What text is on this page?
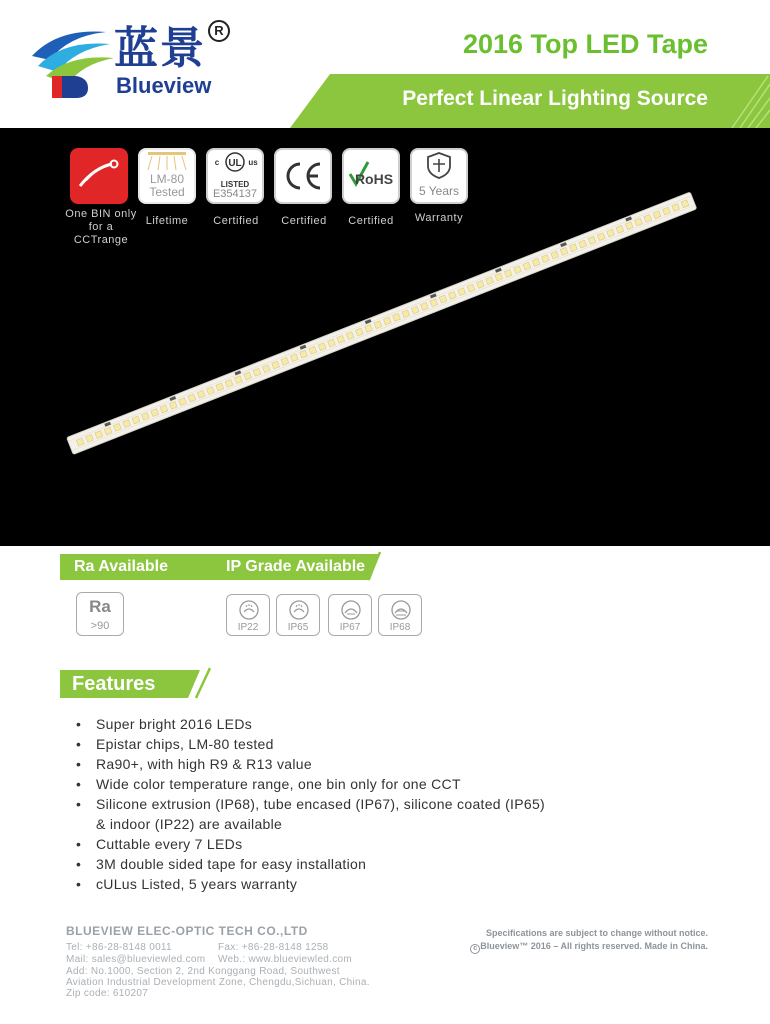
蓝景 R
Blueview
2016 Top LED Tape
Perfect Linear Lighting Source
LM-80
Tested
UL
c	us
LISTED
E354137
RoHS
5 Years
One BIN only
for a CCTrange
Lifetime	Certified	Certified	Certified	Warranty
Ra Available	IP Grade Available
Ra
>90	IP22	IP65	IP67	IP68
Features
• Super bright 2016 LEDs
• Epistar chips, LM-80 tested
• Ra90+, with high R9 & R13 value
• Wide color temperature range, one bin only for one CCT
• Silicone extrusion (IP68), tube encased (IP67), silicone coated (IP65) & indoor (IP22) are available
• Cuttable every 7 LEDs
• 3M double sided tape for easy installation
• cULus Listed, 5 years warranty
BLUEVIEW ELEC-OPTIC TECH CO.,LTD
Tel: +86-28-8148 0011	Fax: +86-28-8148 1258
Mail: sales@blueviewled.com Web.: www.blueviewled.com
Add: No.1000, Section 2, 2nd Konggang Road, Southwest
Aviation Industrial Development Zone, Chengdu,Sichuan, China.
Zip code: 610207
Specifications are subject to change without notice.
c Blueview™ 2016 – All rights reserved. Made in China.
